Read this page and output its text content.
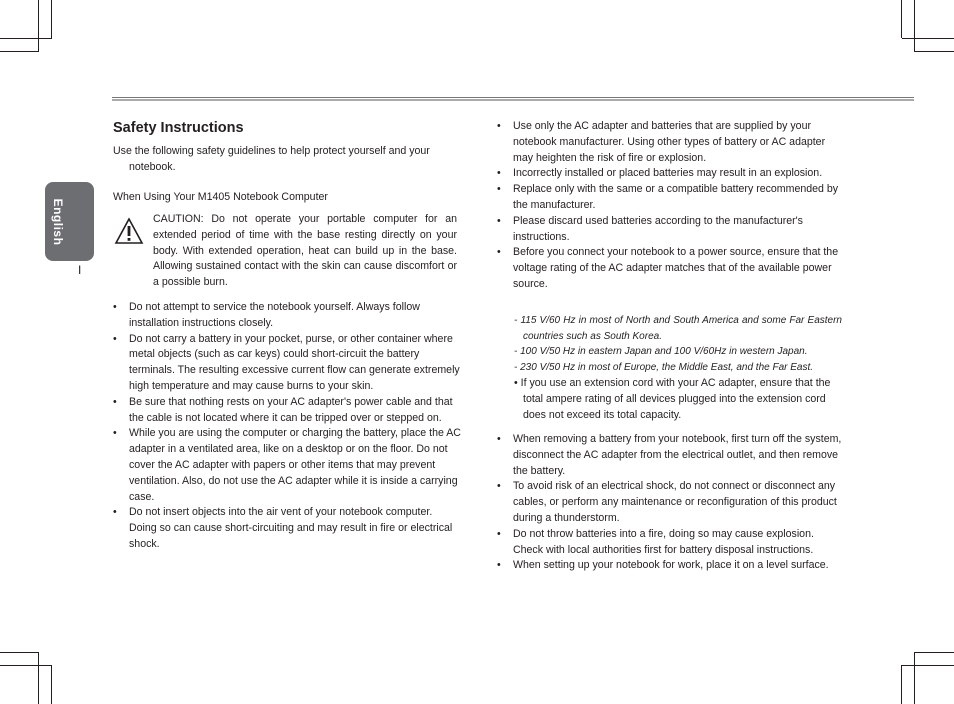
English
I
Safety Instructions

Use the following safety guidelines to help protect yourself and your
notebook.

When Using Your M1405 Notebook Computer

CAUTION: Do not operate your portable computer for an extended period of time with the base resting directly on your body. With extended operation, heat can build up in the base. Allowing sustained contact with the skin can cause discomfort or a possible burn.

• Do not attempt to service the notebook yourself. Always follow installation instructions closely.
• Do not carry a battery in your pocket, purse, or other container where metal objects (such as car keys) could short-circuit the battery terminals. The resulting excessive current flow can generate extremely high temperature and may cause burns to your skin.
• Be sure that nothing rests on your AC adapter's power cable and that the cable is not located where it can be tripped over or stepped on.
• While you are using the computer or charging the battery, place the AC adapter in a ventilated area, like on a desktop or on the floor. Do not cover the AC adapter with papers or other items that may prevent ventilation. Also, do not use the AC adapter while it is inside a carrying case.
• Do not insert objects into the air vent of your notebook computer. Doing so can cause short-circuiting and may result in fire or electrical shock.
• Use only the AC adapter and batteries that are supplied by your notebook manufacturer. Using other types of battery or AC adapter may heighten the risk of fire or explosion.
• Incorrectly installed or placed batteries may result in an explosion.
• Replace only with the same or a compatible battery recommended by the manufacturer.
• Please discard used batteries according to the manufacturer's instructions.
• Before you connect your notebook to a power source, ensure that the voltage rating of the AC adapter matches that of the available power source.
- 115 V/60 Hz in most of North and South America and some Far Eastern countries such as South Korea.
- 100 V/50 Hz in eastern Japan and 100 V/60Hz in western Japan.
- 230 V/50 Hz in most of Europe, the Middle East, and the Far East.
• If you use an extension cord with your AC adapter, ensure that the total ampere rating of all devices plugged into the extension cord does not exceed its total capacity.
• When removing a battery from your notebook, first turn off the system, disconnect the AC adapter from the electrical outlet, and then remove the battery.
• To avoid risk of an electrical shock, do not connect or disconnect any cables, or perform any maintenance or reconfiguration of this product during a thunderstorm.
• Do not throw batteries into a fire, doing so may cause explosion. Check with local authorities first for battery disposal instructions.
• When setting up your notebook for work, place it on a level surface.
